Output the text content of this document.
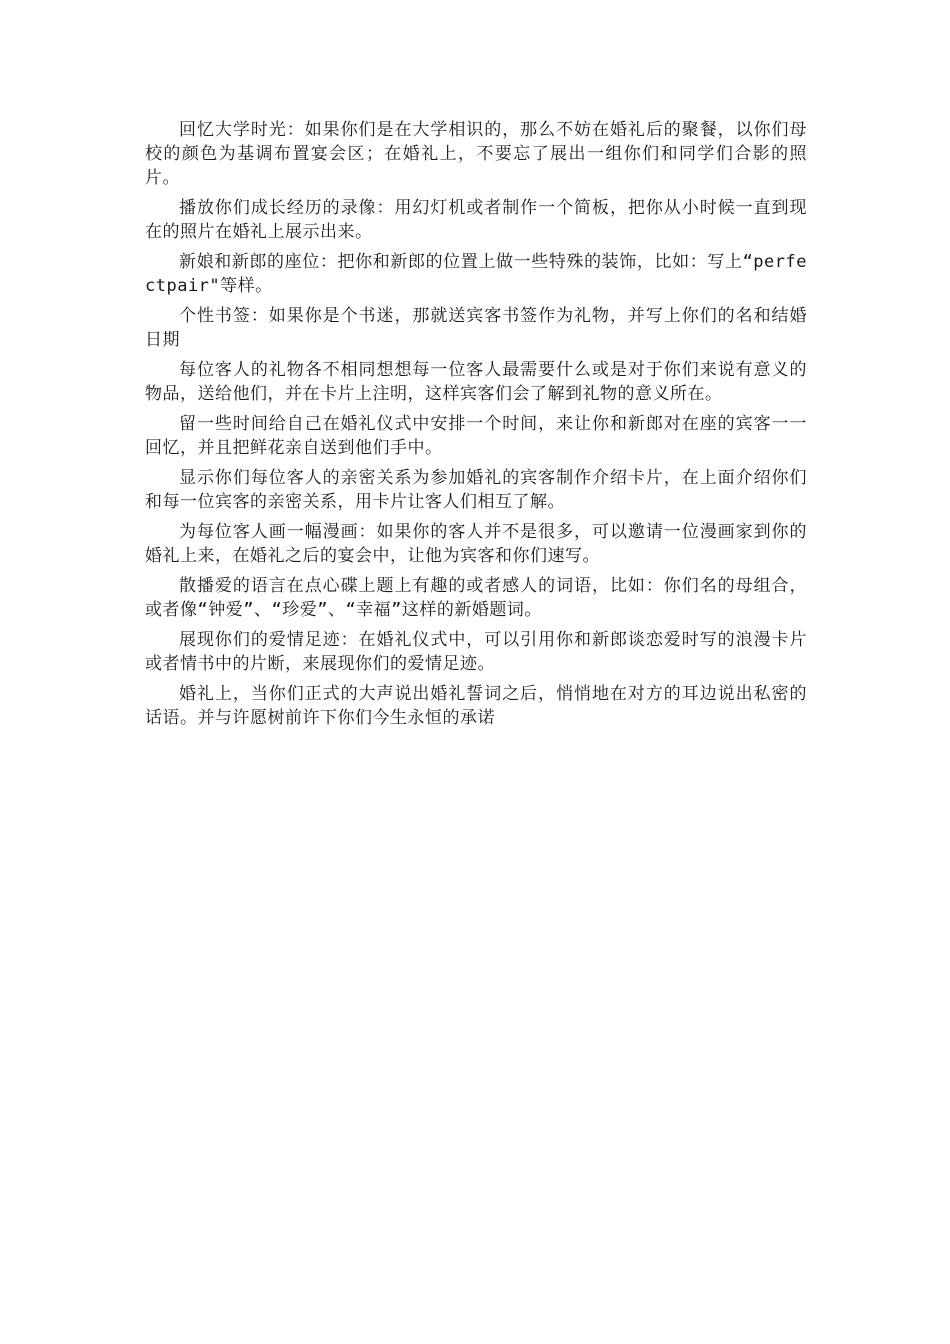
回忆大学时光：如果你们是在大学相识的，那么不妨在婚礼后的聚餐，以你们母校的颜色为基调布置宴会区；在婚礼上，不要忘了展出一组你们和同学们合影的照片。

播放你们成长经历的录像：用幻灯机或者制作一个简板，把你从小时候一直到现在的照片在婚礼上展示出来。

新娘和新郎的座位：把你和新郎的位置上做一些特殊的装饰，比如：写上“perfectpair"等样。

个性书签：如果你是个书迷，那就送宾客书签作为礼物，并写上你们的名和结婚日期

每位客人的礼物各不相同想想每一位客人最需要什么或是对于你们来说有意义的物品，送给他们，并在卡片上注明，这样宾客们会了解到礼物的意义所在。

留一些时间给自己在婚礼仪式中安排一个时间，来让你和新郎对在座的宾客一一回忆，并且把鲜花亲自送到他们手中。

显示你们每位客人的亲密关系为参加婚礼的宾客制作介绍卡片，在上面介绍你们和每一位宾客的亲密关系，用卡片让客人们相互了解。

为每位客人画一幅漫画：如果你的客人并不是很多，可以邀请一位漫画家到你的婚礼上来，在婚礼之后的宴会中，让他为宾客和你们速写。

散播爱的语言在点心碟上题上有趣的或者感人的词语，比如：你们名的母组合，或者像“钟爱”、“珍爱”、“幸福”这样的新婚题词。

展现你们的爱情足迹：在婚礼仪式中，可以引用你和新郎谈恋爱时写的浪漫卡片或者情书中的片断，来展现你们的爱情足迹。

婚礼上，当你们正式的大声说出婚礼誓词之后，悄悄地在对方的耳边说出私密的话语。并与许愿树前许下你们今生永恒的承诺
